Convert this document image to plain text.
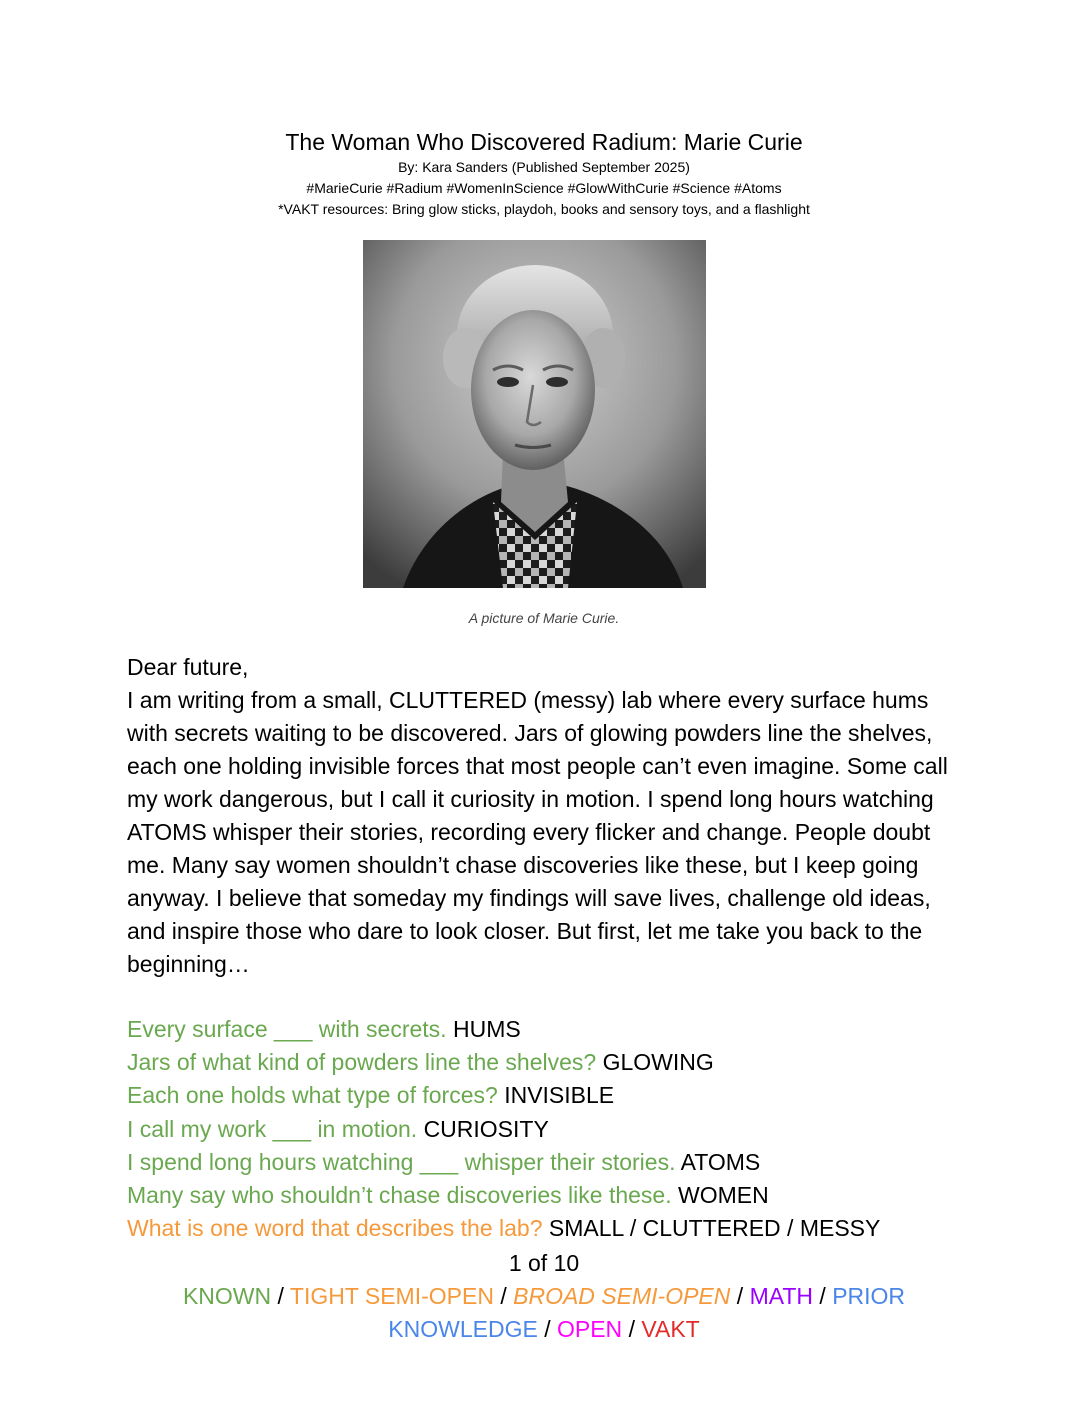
The Woman Who Discovered Radium: Marie Curie

By: Kara Sanders (Published September 2025)

#MarieCurie #Radium #WomenInScience #GlowWithCurie #Science #Atoms

*VAKT resources: Bring glow sticks, playdoh, books and sensory toys, and a flashlight

A picture of Marie Curie.

Dear future,

I am writing from a small, CLUTTERED (messy) lab where every surface hums with secrets waiting to be discovered. Jars of glowing powders line the shelves, each one holding invisible forces that most people can’t even imagine. Some call my work dangerous, but I call it curiosity in motion. I spend long hours watching ATOMS whisper their stories, recording every flicker and change. People doubt me. Many say women shouldn’t chase discoveries like these, but I keep going anyway. I believe that someday my findings will save lives, challenge old ideas, and inspire those who dare to look closer. But first, let me take you back to the beginning…

Every surface ___ with secrets. HUMS
Jars of what kind of powders line the shelves? GLOWING
Each one holds what type of forces? INVISIBLE
I call my work ___ in motion. CURIOSITY
I spend long hours watching ___ whisper their stories. ATOMS
Many say who shouldn’t chase discoveries like these. WOMEN
What is one word that describes the lab? SMALL / CLUTTERED / MESSY
1 of 10
KNOWN / TIGHT SEMI-OPEN / BROAD SEMI-OPEN / MATH / PRIOR KNOWLEDGE / OPEN / VAKT
